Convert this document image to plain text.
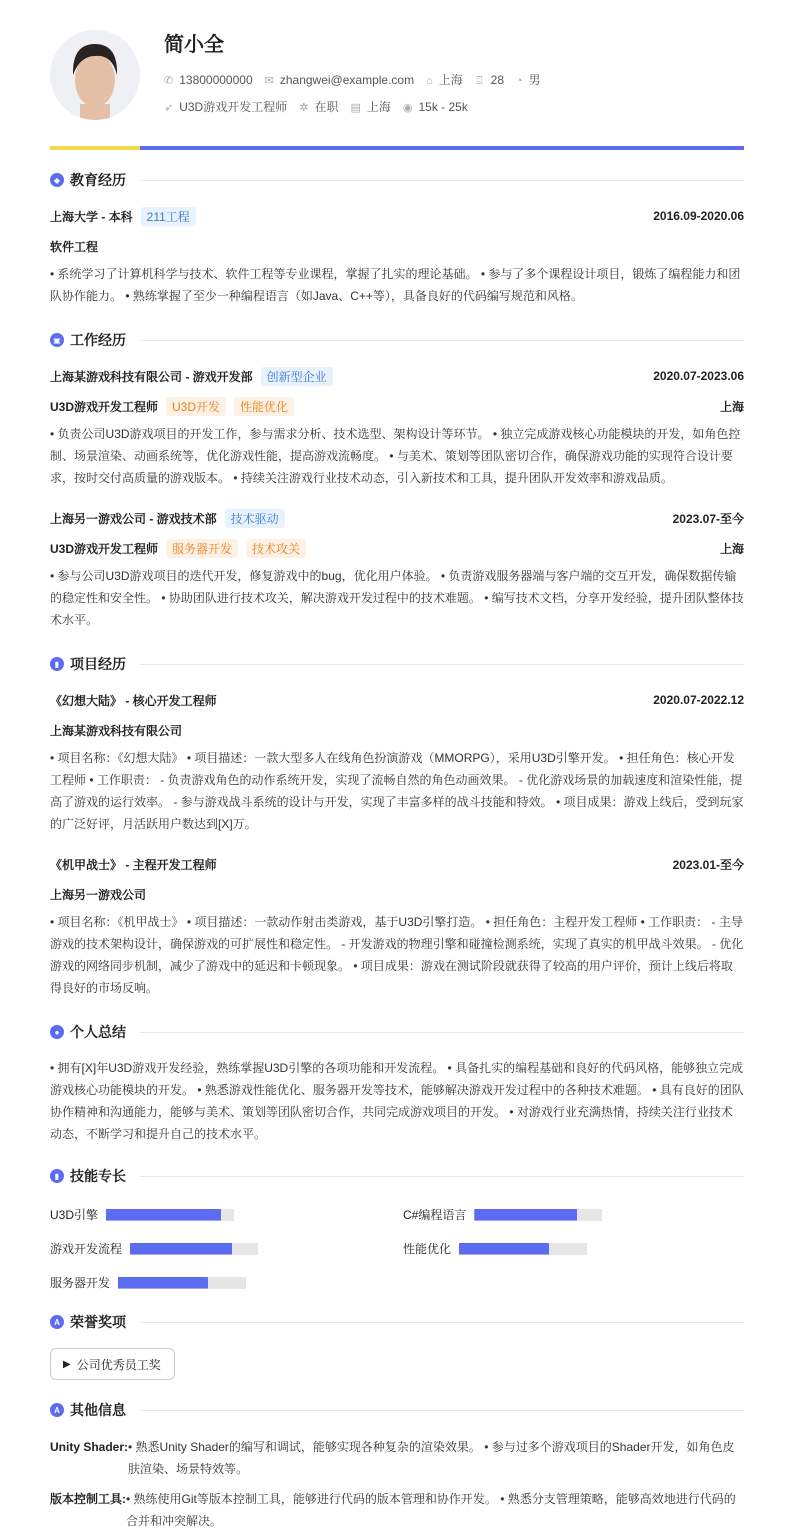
简小全
✆ 13800000000 ✉ zhangwei@example.com ⌂ 上海 ♖ 28 ◔ 男
➶ U3D游戏开发工程师 ✲ 在职 ▤ 上海 ◉ 15k - 25k
◆ 教育经历
上海大学 - 本科	211工程	2016.09-2020.06
软件工程
• 系统学习了计算机科学与技术、软件工程等专业课程，掌握了扎实的理论基础。 • 参与了多个课程设计项目，锻炼了编程能力和团队协作能力。 • 熟练掌握了至少一种编程语言（如Java、C++等），具备良好的代码编写规范和风格。
▣ 工作经历
上海某游戏科技有限公司 - 游戏开发部	创新型企业	2020.07-2023.06
U3D游戏开发工程师	U3D开发	性能优化	上海
• 负责公司U3D游戏项目的开发工作，参与需求分析、技术选型、架构设计等环节。 • 独立完成游戏核心功能模块的开发，如角色控制、场景渲染、动画系统等，优化游戏性能，提高游戏流畅度。 • 与美术、策划等团队密切合作，确保游戏功能的实现符合设计要求，按时交付高质量的游戏版本。 • 持续关注游戏行业技术动态，引入新技术和工具，提升团队开发效率和游戏品质。
上海另一游戏公司 - 游戏技术部	技术驱动	2023.07-至今
U3D游戏开发工程师	服务器开发	技术攻关	上海
• 参与公司U3D游戏项目的迭代开发，修复游戏中的bug，优化用户体验。 • 负责游戏服务器端与客户端的交互开发，确保数据传输的稳定性和安全性。 • 协助团队进行技术攻关，解决游戏开发过程中的技术难题。 • 编写技术文档，分享开发经验，提升团队整体技术水平。
▮ 项目经历
《幻想大陆》 - 核心开发工程师	2020.07-2022.12
上海某游戏科技有限公司
• 项目名称：《幻想大陆》 • 项目描述：一款大型多人在线角色扮演游戏（MMORPG），采用U3D引擎开发。 • 担任角色：核心开发工程师 • 工作职责： - 负责游戏角色的动作系统开发，实现了流畅自然的角色动画效果。 - 优化游戏场景的加载速度和渲染性能，提高了游戏的运行效率。 - 参与游戏战斗系统的设计与开发，实现了丰富多样的战斗技能和特效。 • 项目成果：游戏上线后，受到玩家的广泛好评，月活跃用户数达到[X]万。
《机甲战士》 - 主程开发工程师	2023.01-至今
上海另一游戏公司
• 项目名称：《机甲战士》 • 项目描述：一款动作射击类游戏，基于U3D引擎打造。 • 担任角色：主程开发工程师 • 工作职责： - 主导游戏的技术架构设计，确保游戏的可扩展性和稳定性。 - 开发游戏的物理引擎和碰撞检测系统，实现了真实的机甲战斗效果。 - 优化游戏的网络同步机制，减少了游戏中的延迟和卡顿现象。 • 项目成果：游戏在测试阶段就获得了较高的用户评价，预计上线后将取得良好的市场反响。
● 个人总结
• 拥有[X]年U3D游戏开发经验，熟练掌握U3D引擎的各项功能和开发流程。 • 具备扎实的编程基础和良好的代码风格，能够独立完成游戏核心功能模块的开发。 • 熟悉游戏性能优化、服务器开发等技术，能够解决游戏开发过程中的各种技术难题。 • 具有良好的团队协作精神和沟通能力，能够与美术、策划等团队密切合作，共同完成游戏项目的开发。 • 对游戏行业充满热情，持续关注行业技术动态，不断学习和提升自己的技术水平。
▮ 技能专长
U3D引擎	C#编程语言
游戏开发流程	性能优化
服务器开发
A 荣誉奖项
▶ 公司优秀员工奖
A 其他信息
Unity Shader: • 熟悉Unity Shader的编写和调试，能够实现各种复杂的渲染效果。 • 参与过多个游戏项目的Shader开发，如角色皮肤渲染、场景特效等。
版本控制工具: • 熟练使用Git等版本控制工具，能够进行代码的版本管理和协作开发。 • 熟悉分支管理策略，能够高效地进行代码的合并和冲突解决。
